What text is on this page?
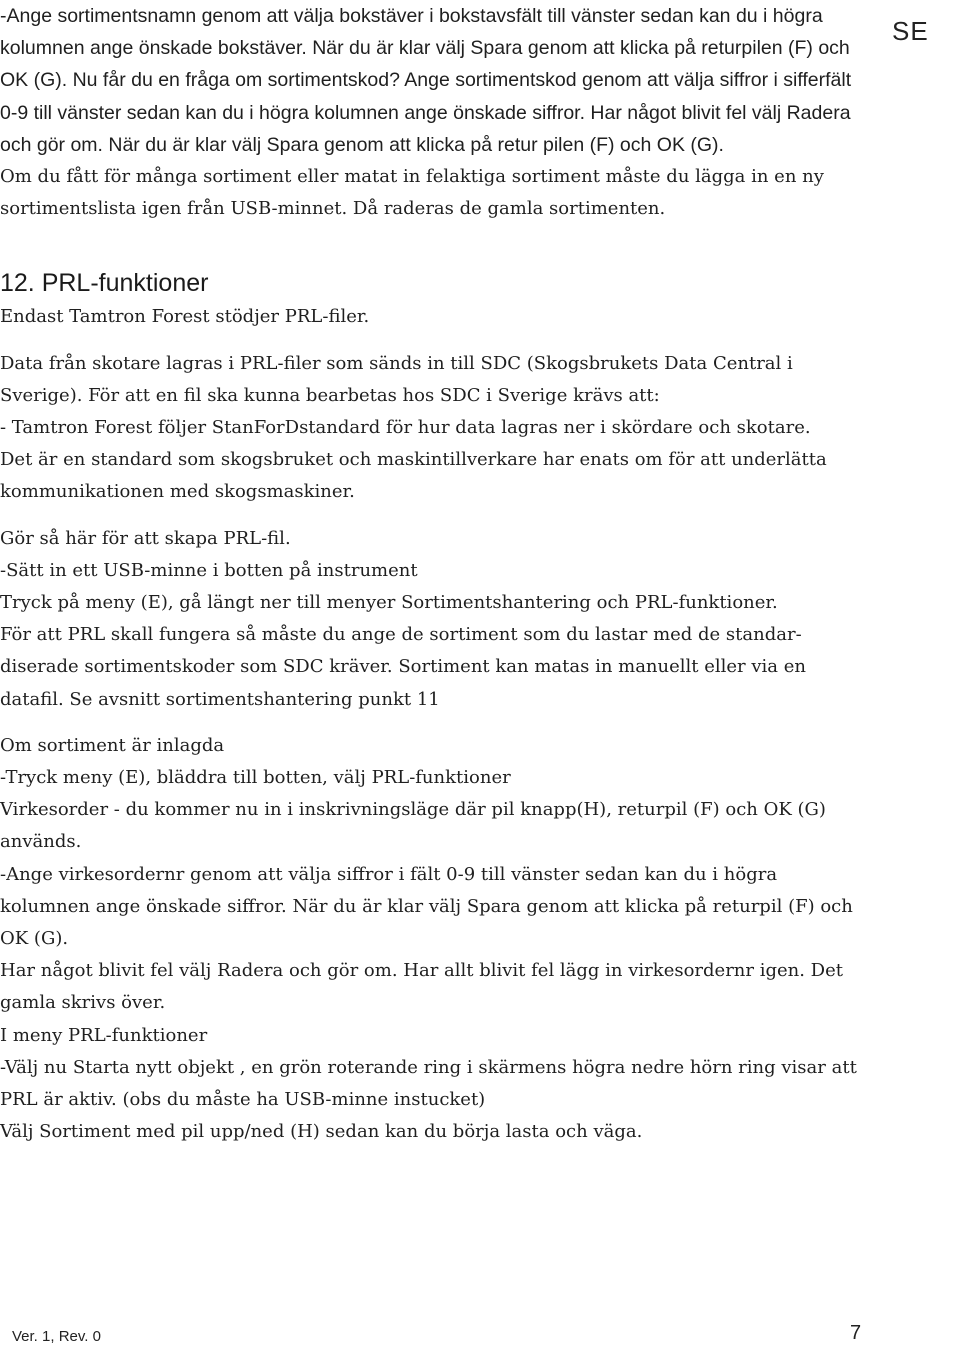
SE

-Ange sortimentsnamn genom att välja bokstäver i bokstavsfält till vänster sedan kan du i högra kolumnen ange önskade bokstäver. När du är klar välj Spara genom att klicka på returpilen (F) och OK (G). Nu får du en fråga om sortimentskod? Ange sortimentskod genom att välja siffror i sifferfält 0-9 till vänster sedan kan du i högra kolumnen ange önskade siffror. Har något blivit fel välj Radera och gör om. När du är klar välj Spara genom att klicka på retur pilen (F) och OK (G).

Om du fått för många sortiment eller matat in felaktiga sortiment måste du lägga in en ny sortimentslista igen från USB-minnet. Då raderas de gamla sortimenten.

12. PRL-funktioner

Endast Tamtron Forest stödjer PRL-filer.

Data från skotare lagras i PRL-filer som sänds in till SDC (Skogsbrukets Data Central i Sverige). För att en fil ska kunna bearbetas hos SDC i Sverige krävs att:

- Tamtron Forest följer StanForDstandard för hur data lagras ner i skördare och skotare.

Det är en standard som skogsbruket och maskintillverkare har enats om för att underlätta kommunikationen med skogsmaskiner.

Gör så här för att skapa PRL-fil.

-Sätt in ett USB-minne i botten på instrument

Tryck på meny (E), gå längt ner till menyer Sortimentshantering och PRL-funktioner.

För att PRL skall fungera så måste du ange de sortiment som du lastar med de standar-

diserade sortimentskoder som SDC kräver. Sortiment kan matas in manuellt eller via en datafil. Se avsnitt sortimentshantering punkt 11

Om sortiment är inlagda

-Tryck meny (E), bläddra till botten, välj PRL-funktioner

Virkesorder - du kommer nu in i inskrivningsläge där pil knapp(H), returpil (F) och OK (G) används.

-Ange virkesordernr genom att välja siffror i fält 0-9 till vänster sedan kan du i högra kolumnen ange önskade siffror. När du är klar välj Spara genom att klicka på returpil (F) och OK (G).

Har något blivit fel välj Radera och gör om. Har allt blivit fel lägg in virkesordernr igen. Det gamla skrivs över.

I meny PRL-funktioner

-Välj nu Starta nytt objekt , en grön roterande ring i skärmens högra nedre hörn ring visar att PRL är aktiv. (obs du måste ha USB-minne instucket)

Välj Sortiment med pil upp/ned (H) sedan kan du börja lasta och väga.

Ver. 1, Rev. 0	7
